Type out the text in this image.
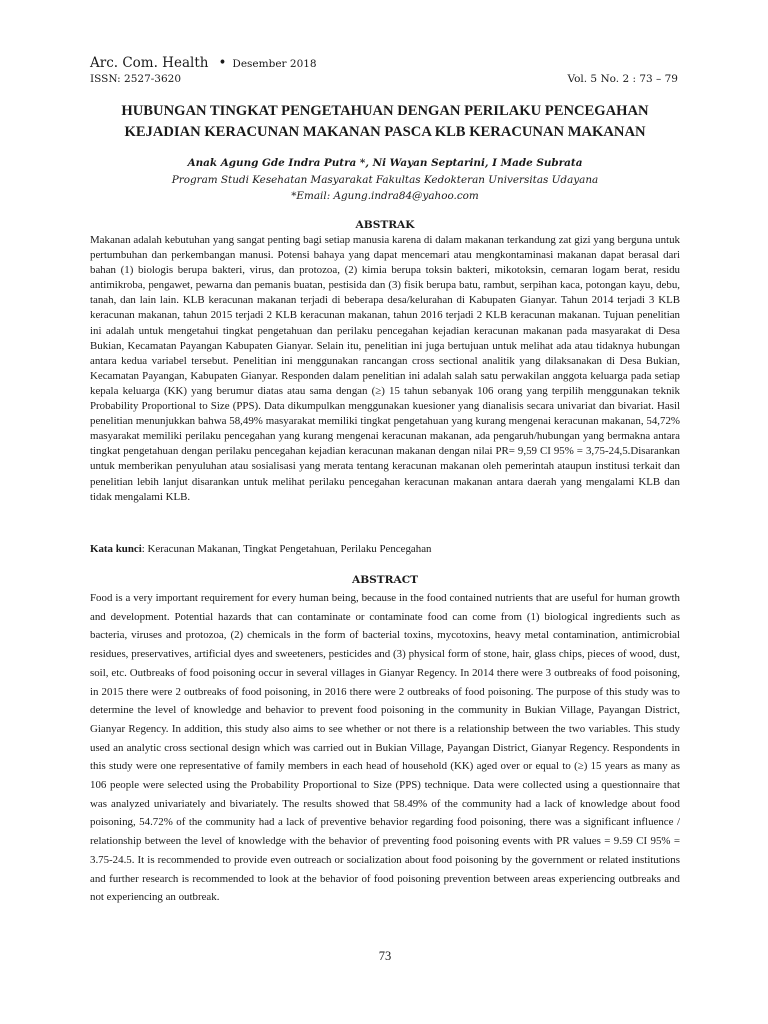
Arc. Com. Health • Desember 2018
ISSN: 2527-3620	Vol. 5 No. 2 : 73 – 79
HUBUNGAN TINGKAT PENGETAHUAN DENGAN PERILAKU PENCEGAHAN KEJADIAN KERACUNAN MAKANAN PASCA KLB KERACUNAN MAKANAN
Anak Agung Gde Indra Putra *, Ni Wayan Septarini, I Made Subrata
Program Studi Kesehatan Masyarakat Fakultas Kedokteran Universitas Udayana
*Email: Agung.indra84@yahoo.com
ABSTRAK

Makanan adalah kebutuhan yang sangat penting bagi setiap manusia karena di dalam makanan terkandung zat gizi yang berguna untuk pertumbuhan dan perkembangan manusi. Potensi bahaya yang dapat mencemari atau mengkontaminasi makanan dapat berasal dari bahan (1) biologis berupa bakteri, virus, dan protozoa, (2) kimia berupa toksin bakteri, mikotoksin, cemaran logam berat, residu antimikroba, pengawet, pewarna dan pemanis buatan, pestisida dan (3) fisik berupa batu, rambut, serpihan kaca, potongan kayu, debu, tanah, dan lain lain. KLB keracunan makanan terjadi di beberapa desa/kelurahan di Kabupaten Gianyar. Tahun 2014 terjadi 3 KLB keracunan makanan, tahun 2015 terjadi 2 KLB keracunan makanan, tahun 2016 terjadi 2 KLB keracunan makanan. Tujuan penelitian ini adalah untuk mengetahui tingkat pengetahuan dan perilaku pencegahan kejadian keracunan makanan pada masyarakat di Desa Bukian, Kecamatan Payangan Kabupaten Gianyar. Selain itu, penelitian ini juga bertujuan untuk melihat ada atau tidaknya hubungan antara kedua variabel tersebut. Penelitian ini menggunakan rancangan cross sectional analitik yang dilaksanakan di Desa Bukian, Kecamatan Payangan, Kabupaten Gianyar. Responden dalam penelitian ini adalah salah satu perwakilan anggota keluarga pada setiap kepala keluarga (KK) yang berumur diatas atau sama dengan (≥) 15 tahun sebanyak 106 orang yang terpilih menggunakan teknik Probability Proportional to Size (PPS). Data dikumpulkan menggunakan kuesioner yang dianalisis secara univariat dan bivariat. Hasil penelitian menunjukkan bahwa 58,49% masyarakat memiliki tingkat pengetahuan yang kurang mengenai keracunan makanan, 54,72% masyarakat memiliki perilaku pencegahan yang kurang mengenai keracunan makanan, ada pengaruh/hubungan yang bermakna antara tingkat pengetahuan dengan perilaku pencegahan kejadian keracunan makanan dengan nilai PR= 9,59 CI 95% = 3,75-24,5.Disarankan untuk memberikan penyuluhan atau sosialisasi yang merata tentang keracunan makanan oleh pemerintah ataupun institusi terkait dan penelitian lebih lanjut disarankan untuk melihat perilaku pencegahan keracunan makanan antara daerah yang mengalami KLB dan tidak mengalami KLB.

Kata kunci: Keracunan Makanan, Tingkat Pengetahuan, Perilaku Pencegahan

ABSTRACT

Food is a very important requirement for every human being, because in the food contained nutrients that are useful for human growth and development. Potential hazards that can contaminate or contaminate food can come from (1) biological ingredients such as bacteria, viruses and protozoa, (2) chemicals in the form of bacterial toxins, mycotoxins, heavy metal contamination, antimicrobial residues, preservatives, artificial dyes and sweeteners, pesticides and (3) physical form of stone, hair, glass chips, pieces of wood, dust, soil, etc. Outbreaks of food poisoning occur in several villages in Gianyar Regency. In 2014 there were 3 outbreaks of food poisoning, in 2015 there were 2 outbreaks of food poisoning, in 2016 there were 2 outbreaks of food poisoning. The purpose of this study was to determine the level of knowledge and behavior to prevent food poisoning in the community in Bukian Village, Payangan District, Gianyar Regency. In addition, this study also aims to see whether or not there is a relationship between the two variables. This study used an analytic cross sectional design which was carried out in Bukian Village, Payangan District, Gianyar Regency. Respondents in this study were one representative of family members in each head of household (KK) aged over or equal to (≥) 15 years as many as 106 people were selected using the Probability Proportional to Size (PPS) technique. Data were collected using a questionnaire that was analyzed univariately and bivariately. The results showed that 58.49% of the community had a lack of knowledge about food poisoning, 54.72% of the community had a lack of preventive behavior regarding food poisoning, there was a significant influence / relationship between the level of knowledge with the behavior of preventing food poisoning events with PR values = 9.59 CI 95% = 3.75-24.5. It is recommended to provide even outreach or socialization about food poisoning by the government or related institutions and further research is recommended to look at the behavior of food poisoning prevention between areas experiencing outbreaks and not experiencing an outbreak.

73
